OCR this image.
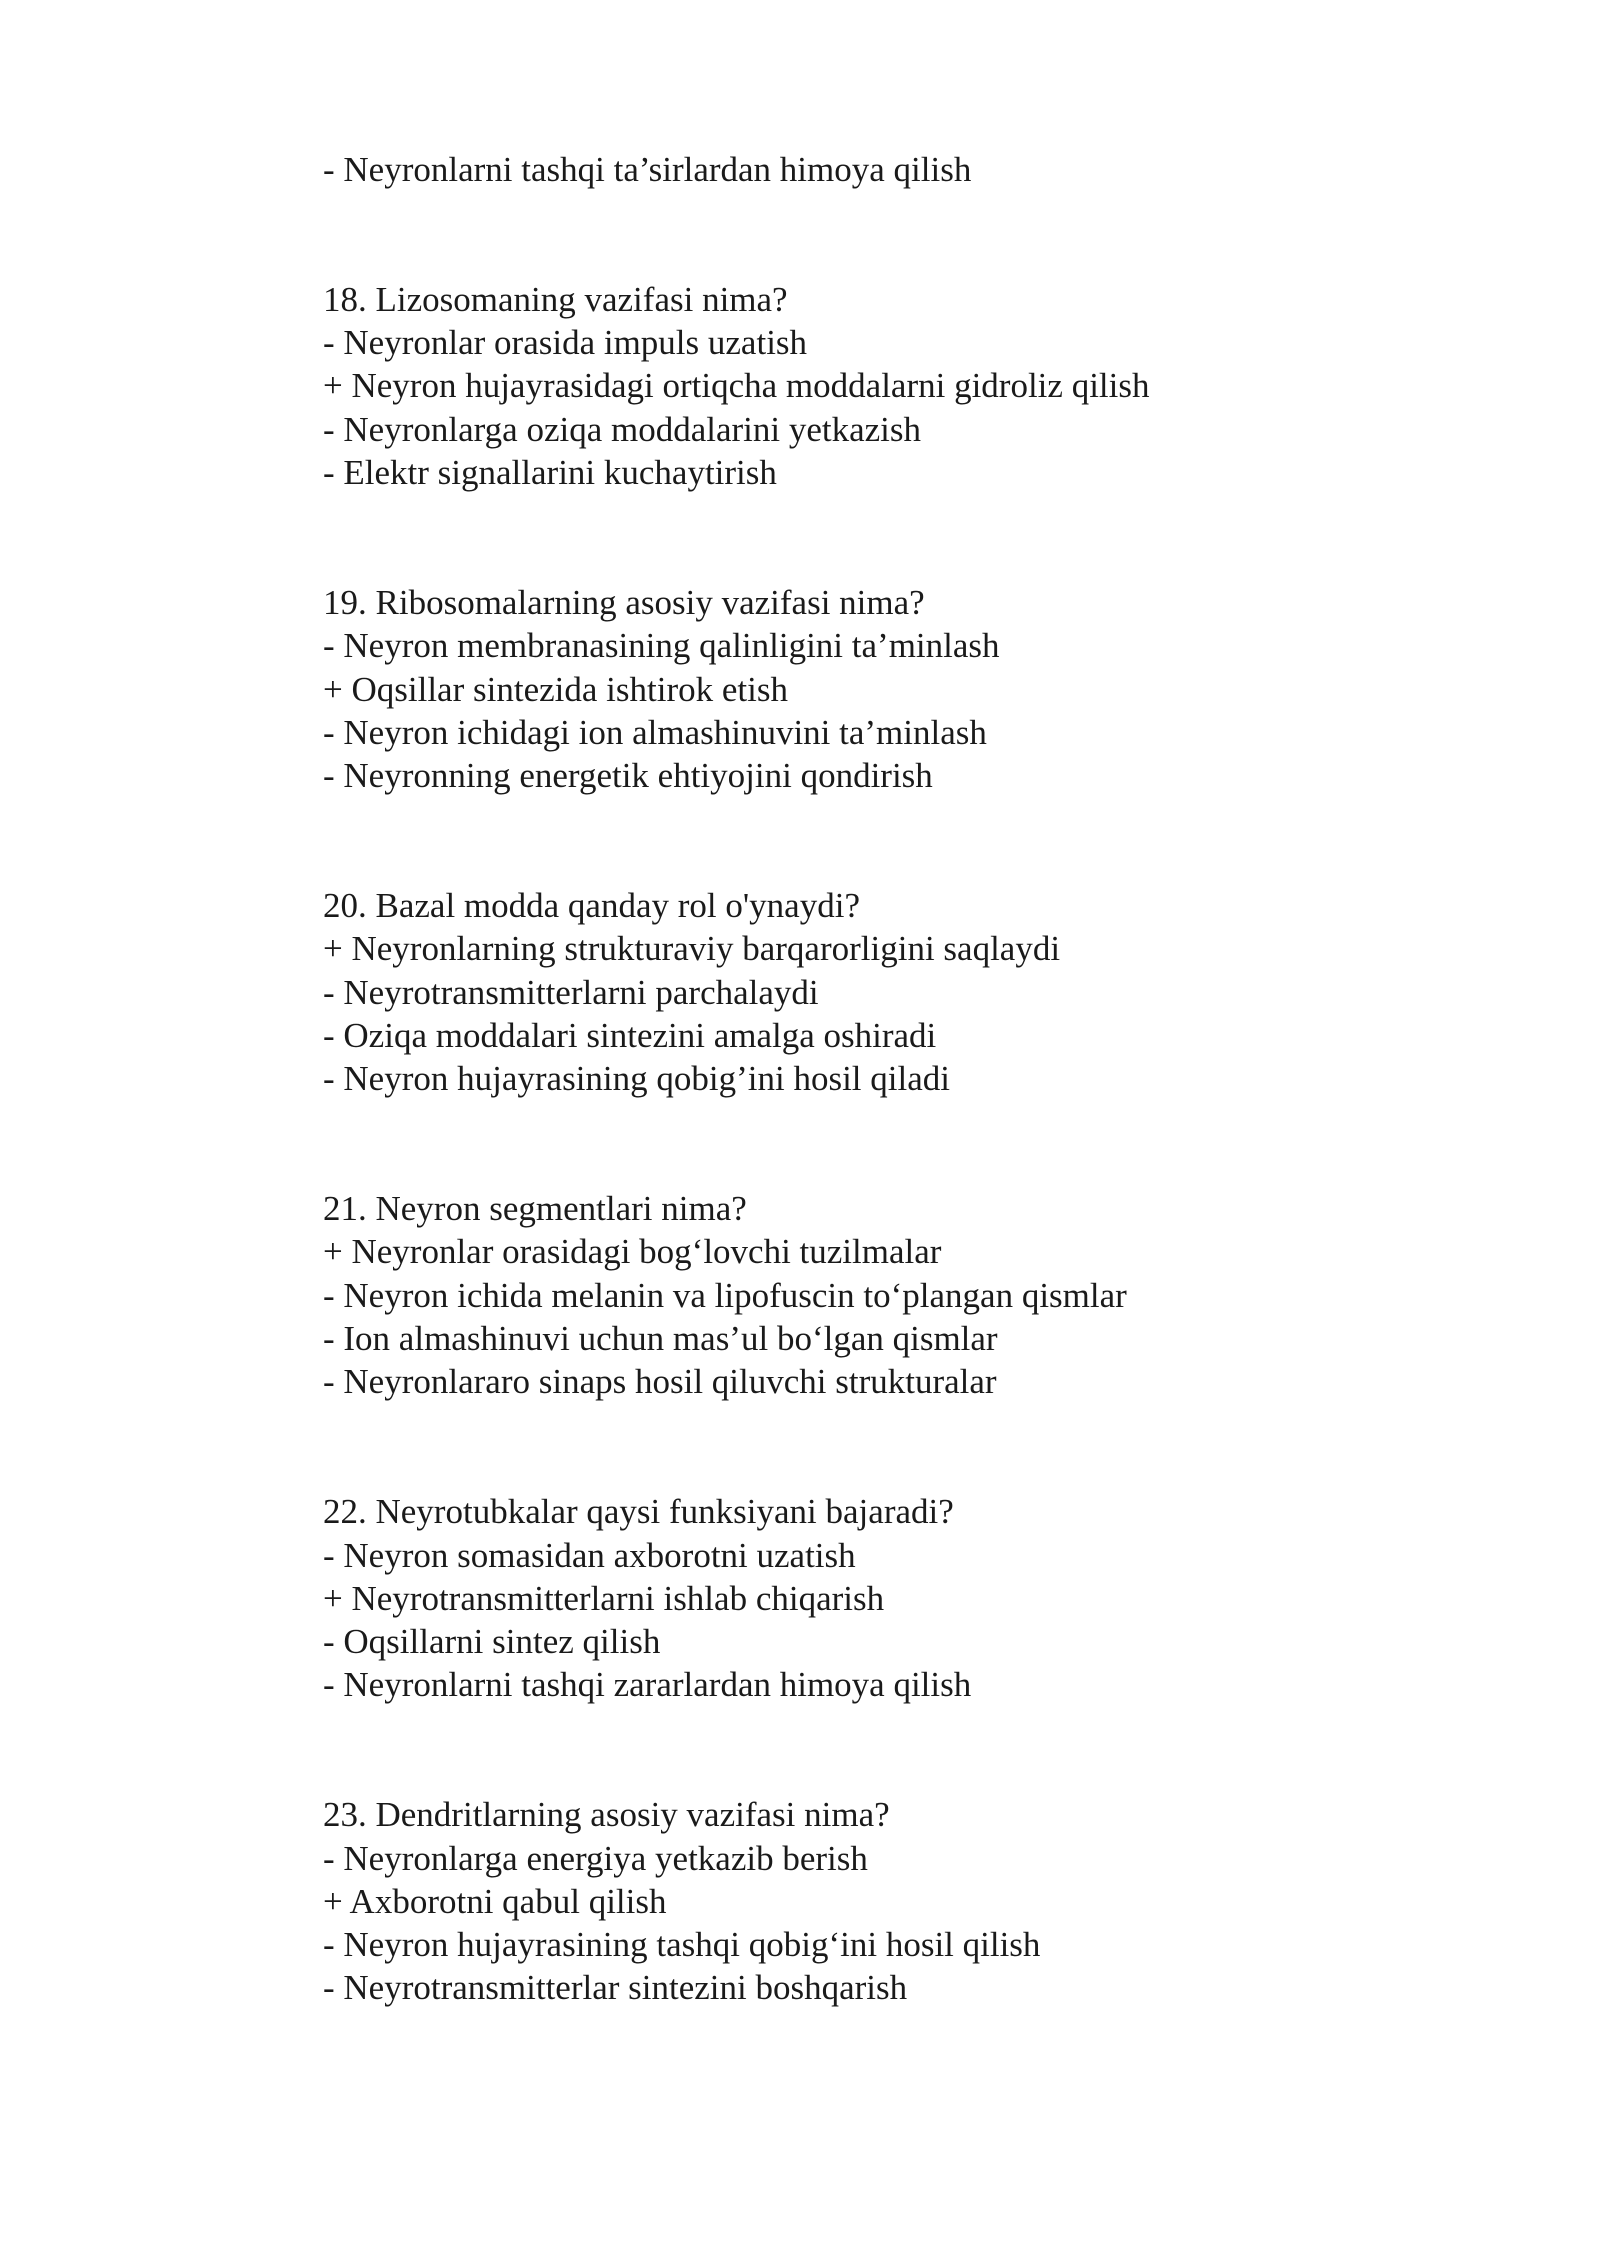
- Neyronlarni tashqi ta’sirlardan himoya qilish

18. Lizosomaning vazifasi nima?

- Neyronlar orasida impuls uzatish

+ Neyron hujayrasidagi ortiqcha moddalarni gidroliz qilish

- Neyronlarga oziqa moddalarini yetkazish

- Elektr signallarini kuchaytirish

19. Ribosomalarning asosiy vazifasi nima?

- Neyron membranasining qalinligini ta’minlash

+ Oqsillar sintezida ishtirok etish

- Neyron ichidagi ion almashinuvini ta’minlash

- Neyronning energetik ehtiyojini qondirish

20. Bazal modda qanday rol o'ynaydi?

+ Neyronlarning strukturaviy barqarorligini saqlaydi

- Neyrotransmitterlarni parchalaydi

- Oziqa moddalari sintezini amalga oshiradi

- Neyron hujayrasining qobig’ini hosil qiladi

21. Neyron segmentlari nima?

+ Neyronlar orasidagi bog‘lovchi tuzilmalar

- Neyron ichida melanin va lipofuscin to‘plangan qismlar

- Ion almashinuvi uchun mas’ul bo‘lgan qismlar

- Neyronlararo sinaps hosil qiluvchi strukturalar

22. Neyrotubkalar qaysi funksiyani bajaradi?

- Neyron somasidan axborotni uzatish

+ Neyrotransmitterlarni ishlab chiqarish

- Oqsillarni sintez qilish

- Neyronlarni tashqi zararlardan himoya qilish

23. Dendritlarning asosiy vazifasi nima?

- Neyronlarga energiya yetkazib berish

+ Axborotni qabul qilish

- Neyron hujayrasining tashqi qobig‘ini hosil qilish

- Neyrotransmitterlar sintezini boshqarish
